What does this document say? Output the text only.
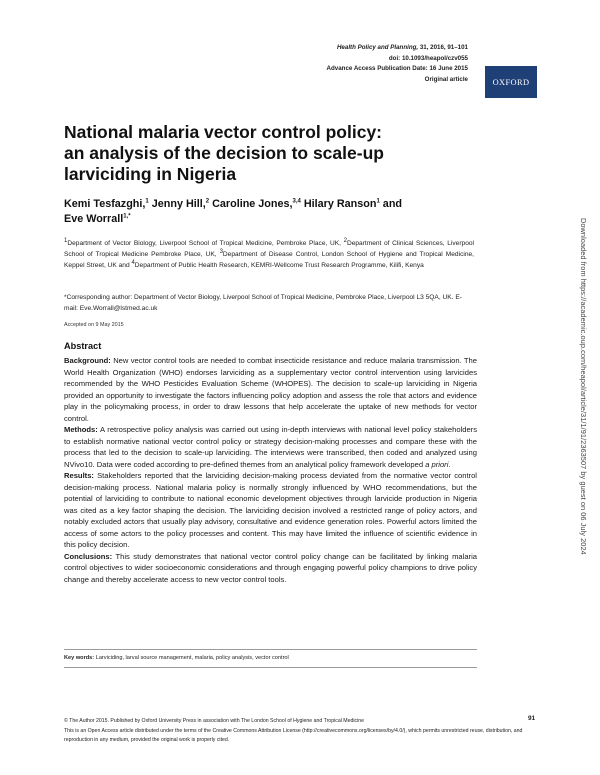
Health Policy and Planning, 31, 2016, 91–101
doi: 10.1093/heapol/czv055
Advance Access Publication Date: 16 June 2015
Original article	OXFORD
National malaria vector control policy:
an analysis of the decision to scale-up
larviciding in Nigeria
Kemi Tesfazghi,$^1$ Jenny Hill,$^2$ Caroline Jones,$^{3,4}$ Hilary Ranson$^1$ and
Eve Worrall$^{1,*}$
$^1$Department of Vector Biology, Liverpool School of Tropical Medicine, Pembroke Place, UK, $^2$Department of Clinical Sciences, Liverpool School of Tropical Medicine Pembroke Place, UK, $^3$Department of Disease Control, London School of Hygiene and Tropical Medicine, Keppel Street, UK and $^4$Department of Public Health Research, KEMRI-Wellcome Trust Research Programme, Kilifi, Kenya
*Corresponding author: Department of Vector Biology, Liverpool School of Tropical Medicine, Pembroke Place, Liverpool L3 5QA, UK. E-mail: Eve.Worrall@lstmed.ac.uk
Accepted on 9 May 2015
Abstract

Background: New vector control tools are needed to combat insecticide resistance and reduce malaria transmission. The World Health Organization (WHO) endorses larviciding as a supplementary vector control intervention using larvicides recommended by the WHO Pesticides Evaluation Scheme (WHOPES). The decision to scale-up larviciding in Nigeria provided an opportunity to investigate the factors influencing policy adoption and assess the role that actors and evidence play in the policymaking process, in order to draw lessons that help accelerate the uptake of new methods for vector control.

Methods: A retrospective policy analysis was carried out using in-depth interviews with national level policy stakeholders to establish normative national vector control policy or strategy decision-making processes and compare these with the process that led to the decision to scale-up larviciding. The interviews were transcribed, then coded and analyzed using NVivo10. Data were coded according to pre-defined themes from an analytical policy framework developed a priori.

Results: Stakeholders reported that the larviciding decision-making process deviated from the normative vector control decision-making process. National malaria policy is normally strongly influenced by WHO recommendations, but the potential of larviciding to contribute to national economic development objectives through larvicide production in Nigeria was cited as a key factor shaping the decision. The larviciding decision involved a restricted range of policy actors, and notably excluded actors that usually play advisory, consultative and evidence generation roles. Powerful actors limited the access of some actors to the policy processes and content. This may have limited the influence of scientific evidence in this policy decision.

Conclusions: This study demonstrates that national vector control policy change can be facilitated by linking malaria control objectives to wider socioeconomic considerations and through engaging powerful policy champions to drive policy change and thereby accelerate access to new vector control tools.

Key words: Larviciding, larval source management, malaria, policy analysis, vector control
© The Author 2015. Published by Oxford University Press in association with The London School of Hygiene and Tropical Medicine	91
This is an Open Access article distributed under the terms of the Creative Commons Attribution License (http://creativecommons.org/licenses/by/4.0/), which permits unrestricted reuse, distribution, and reproduction in any medium, provided the original work is properly cited.
Downloaded from https://academic.oup.com/heapol/article/31/1/91/2363507 by guest on 06 July 2024
